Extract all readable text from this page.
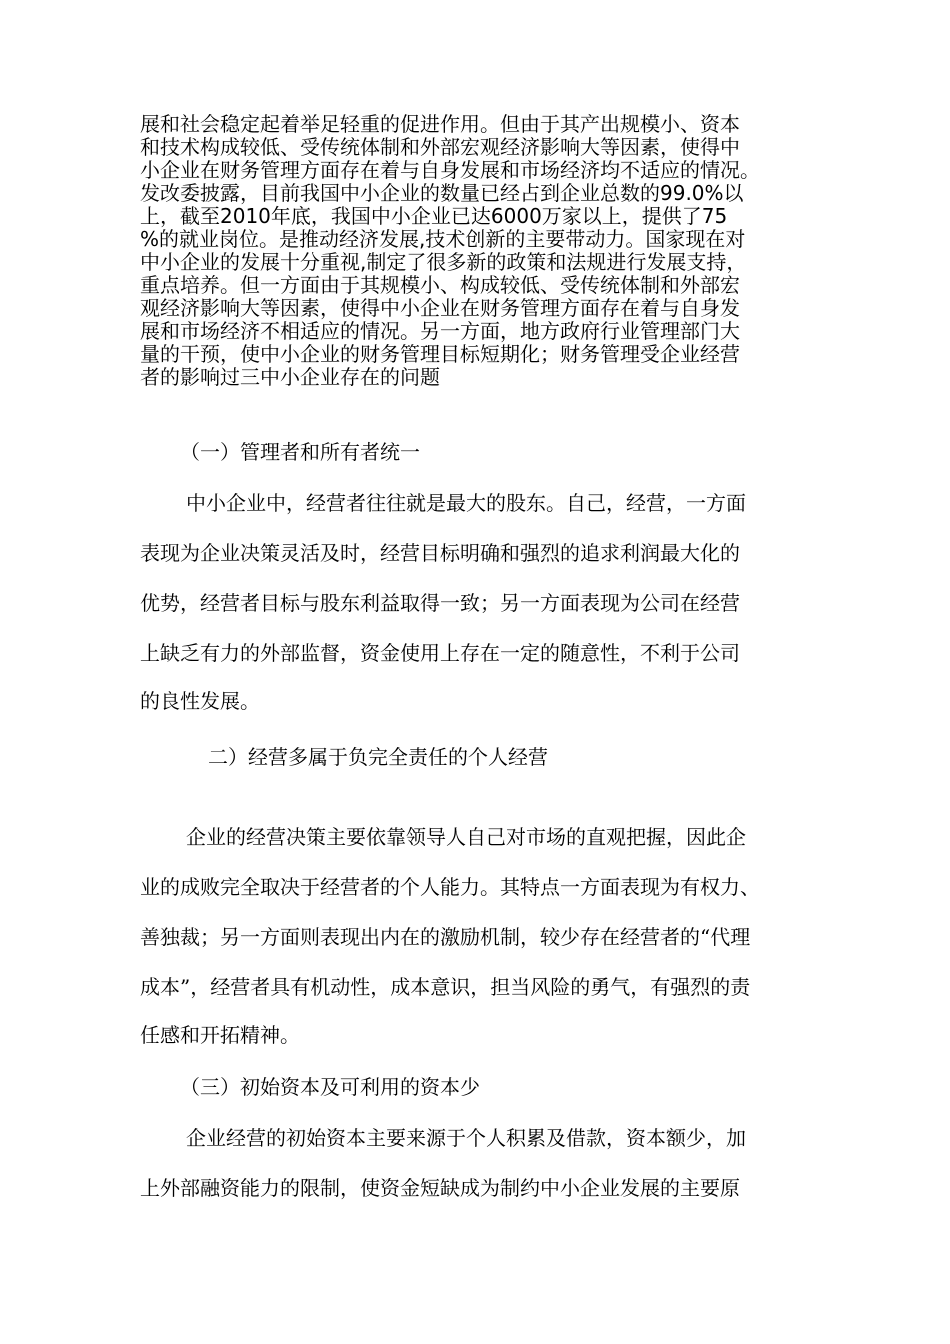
展和社会稳定起着举足轻重的促进作用。但由于其产出规模小、资本
和技术构成较低、受传统体制和外部宏观经济影响大等因素，使得中
小企业在财务管理方面存在着与自身发展和市场经济均不适应的情况。
发改委披露，目前我国中小企业的数量已经占到企业总数的99.0%以
上，截至2010年底，我国中小企业已达6000万家以上，提供了75
%的就业岗位。是推动经济发展,技术创新的主要带动力。国家现在对
中小企业的发展十分重视,制定了很多新的政策和法规进行发展支持，
重点培养。但一方面由于其规模小、构成较低、受传统体制和外部宏
观经济影响大等因素，使得中小企业在财务管理方面存在着与自身发
展和市场经济不相适应的情况。另一方面，地方政府行业管理部门大
量的干预，使中小企业的财务管理目标短期化；财务管理受企业经营
者的影响过三中小企业存在的问题
（一）管理者和所有者统一
中小企业中，经营者往往就是最大的股东。自己，经营，一方面
表现为企业决策灵活及时，经营目标明确和强烈的追求利润最大化的
优势，经营者目标与股东利益取得一致；另一方面表现为公司在经营
上缺乏有力的外部监督，资金使用上存在一定的随意性，不利于公司
的良性发展。
二）经营多属于负完全责任的个人经营
企业的经营决策主要依靠领导人自己对市场的直观把握，因此企
业的成败完全取决于经营者的个人能力。其特点一方面表现为有权力、
善独裁；另一方面则表现出内在的激励机制，较少存在经营者的“代理
成本”，经营者具有机动性，成本意识，担当风险的勇气，有强烈的责
任感和开拓精神。
（三）初始资本及可利用的资本少
企业经营的初始资本主要来源于个人积累及借款，资本额少，加
上外部融资能力的限制，使资金短缺成为制约中小企业发展的主要原
